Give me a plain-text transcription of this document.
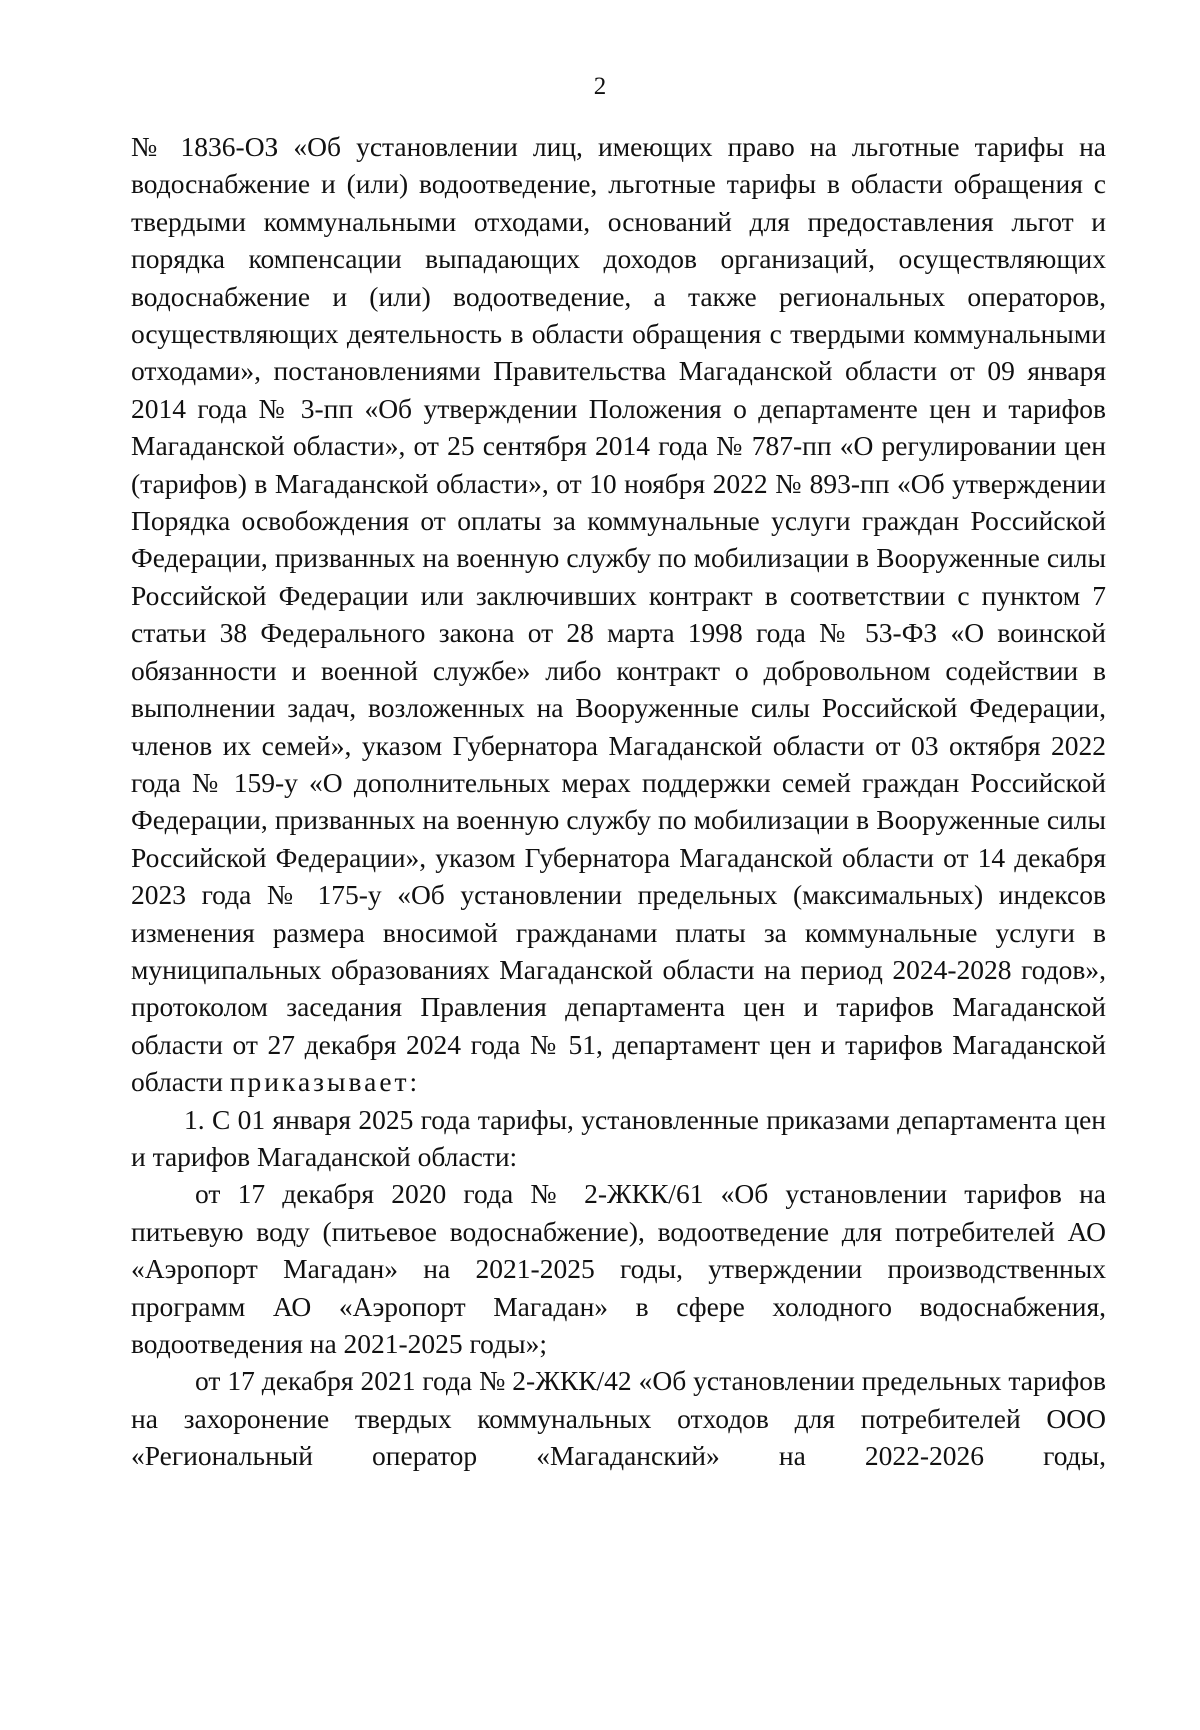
2

№ 1836-ОЗ «Об установлении лиц, имеющих право на льготные тарифы на водоснабжение и (или) водоотведение, льготные тарифы в области обращения с твердыми коммунальными отходами, оснований для предоставления льгот и порядка компенсации выпадающих доходов организаций, осуществляющих водоснабжение и (или) водоотведение, а также региональных операторов, осуществляющих деятельность в области обращения с твердыми коммунальными отходами», постановлениями Правительства Магаданской области от 09 января 2014 года № 3-пп «Об утверждении Положения о департаменте цен и тарифов Магаданской области», от 25 сентября 2014 года № 787-пп «О регулировании цен (тарифов) в Магаданской области», от 10 ноября 2022 № 893-пп «Об утверждении Порядка освобождения от оплаты за коммунальные услуги граждан Российской Федерации, призванных на военную службу по мобилизации в Вооруженные силы Российской Федерации или заключивших контракт в соответствии с пунктом 7 статьи 38 Федерального закона от 28 марта 1998 года № 53-ФЗ «О воинской обязанности и военной службе» либо контракт о добровольном содействии в выполнении задач, возложенных на Вооруженные силы Российской Федерации, членов их семей», указом Губернатора Магаданской области от 03 октября 2022 года № 159-у «О дополнительных мерах поддержки семей граждан Российской Федерации, призванных на военную службу по мобилизации в Вооруженные силы Российской Федерации», указом Губернатора Магаданской области от 14 декабря 2023 года № 175-у «Об установлении предельных (максимальных) индексов изменения размера вносимой гражданами платы за коммунальные услуги в муниципальных образованиях Магаданской области на период 2024-2028 годов», протоколом заседания Правления департамента цен и тарифов Магаданской области от 27 декабря 2024 года № 51, департамент цен и тарифов Магаданской области приказывает:

1. С 01 января 2025 года тарифы, установленные приказами департамента цен и тарифов Магаданской области:

от 17 декабря 2020 года № 2-ЖКК/61 «Об установлении тарифов на питьевую воду (питьевое водоснабжение), водоотведение для потребителей АО «Аэропорт Магадан» на 2021-2025 годы, утверждении производственных программ АО «Аэропорт Магадан» в сфере холодного водоснабжения, водоотведения на 2021-2025 годы»;

от 17 декабря 2021 года № 2-ЖКК/42 «Об установлении предельных тарифов на захоронение твердых коммунальных отходов для потребителей ООО «Региональный оператор «Магаданский» на 2022-2026 годы,
